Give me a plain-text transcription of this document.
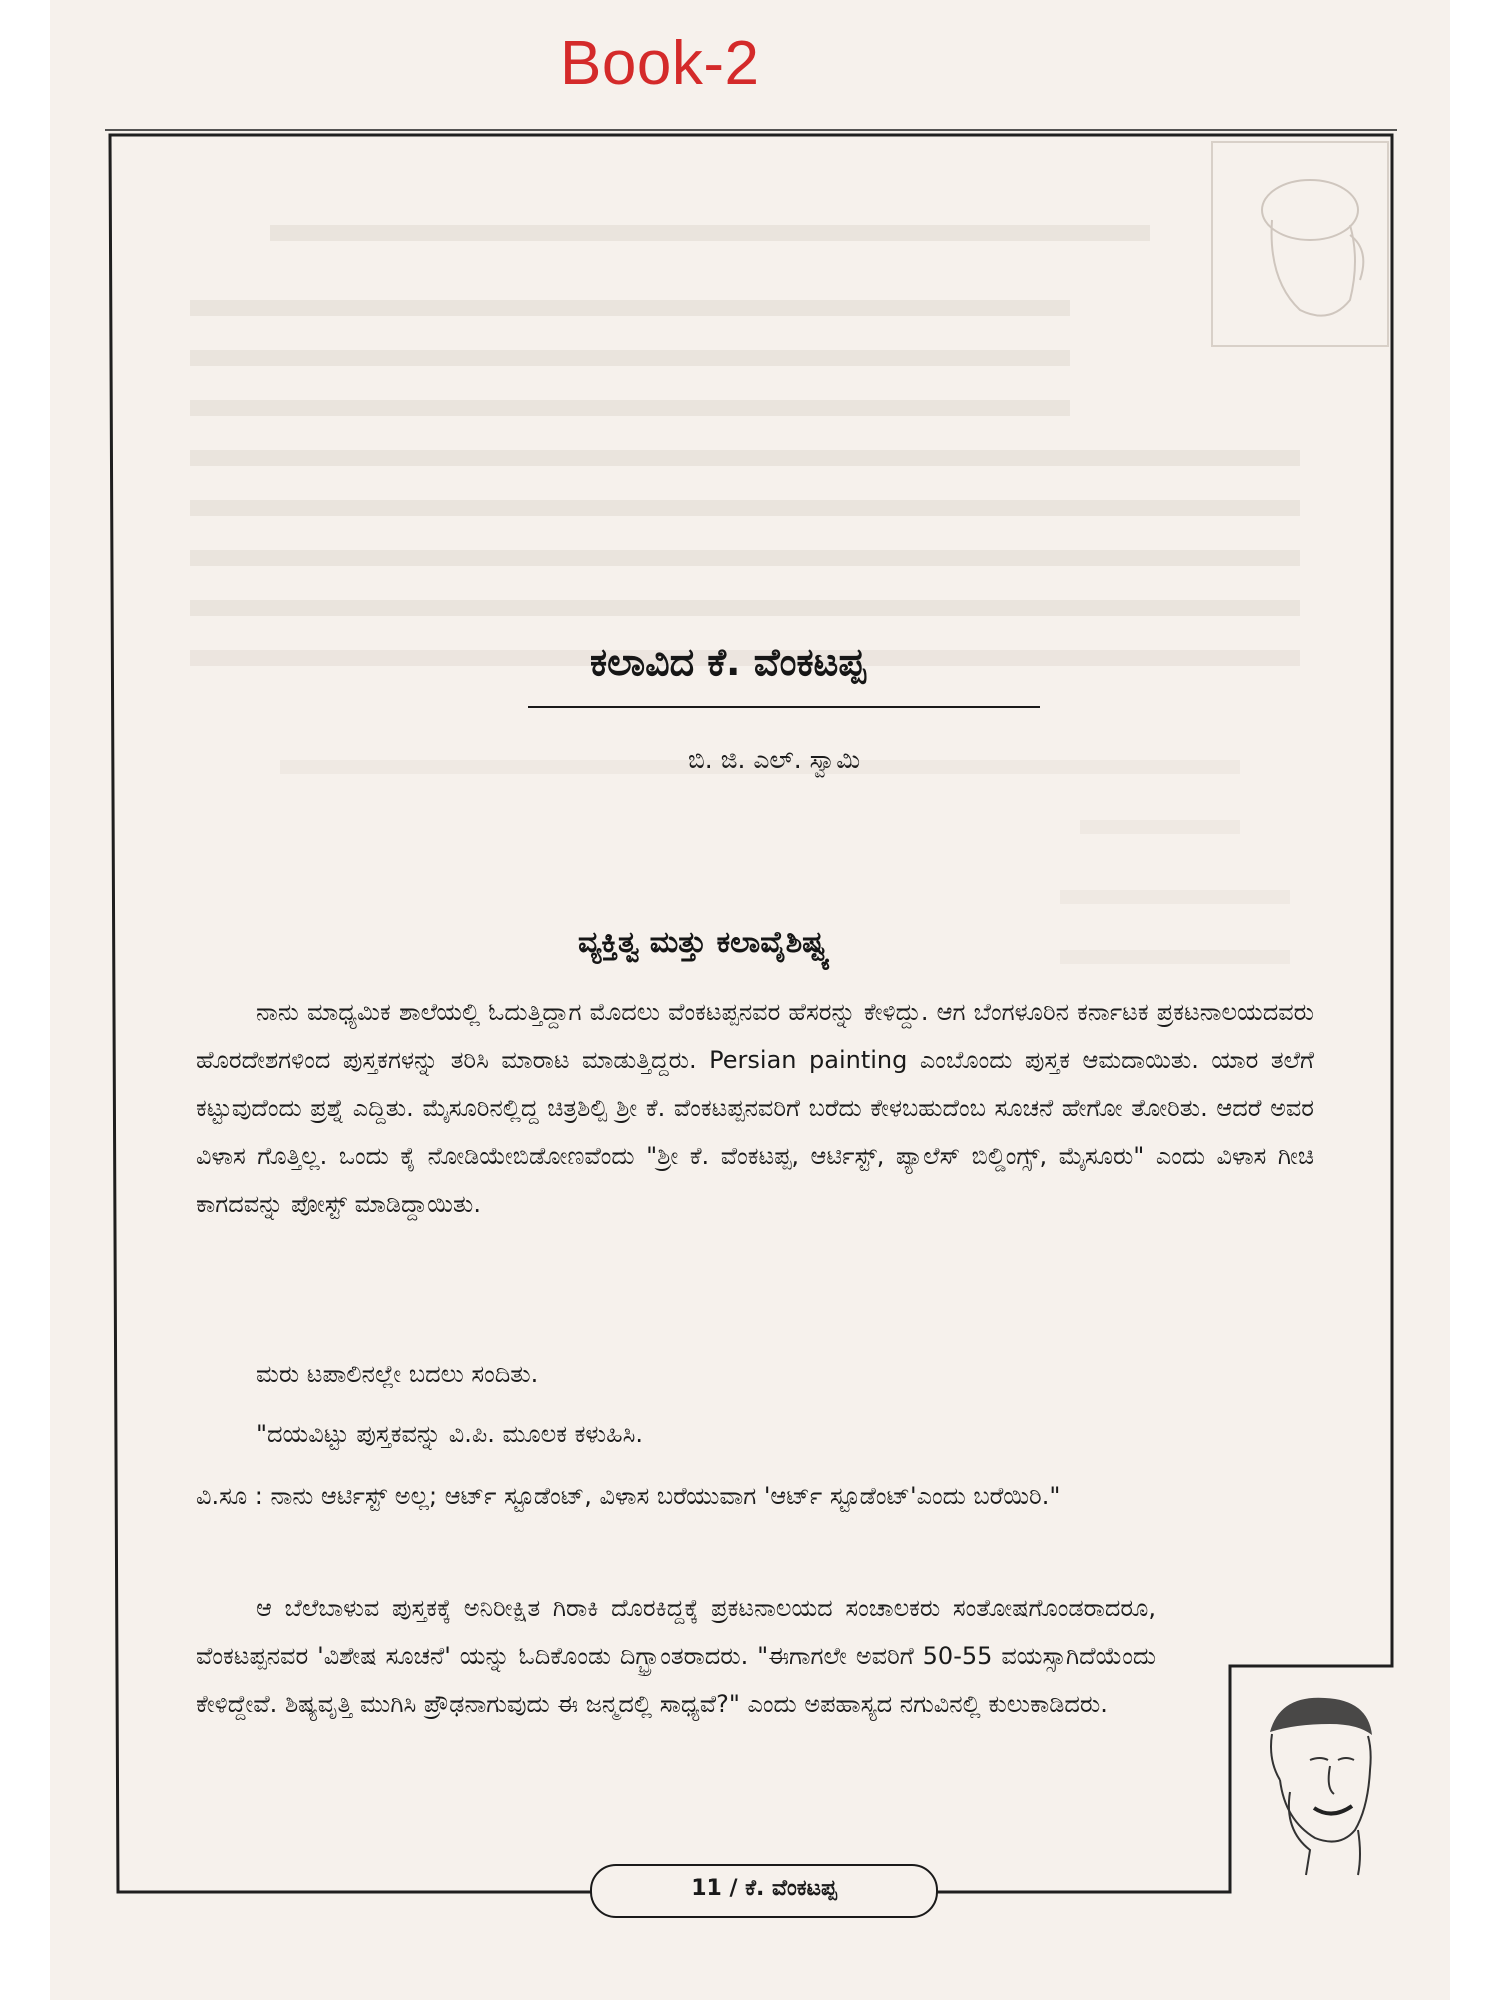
Book-2
ಕಲಾವಿದ ಕೆ. ವೆಂಕಟಪ್ಪ
ಬಿ. ಜಿ. ಎಲ್. ಸ್ವಾಮಿ
ವ್ಯಕ್ತಿತ್ವ ಮತ್ತು ಕಲಾವೈಶಿಷ್ಟ್ಯ
ನಾನು ಮಾಧ್ಯಮಿಕ ಶಾಲೆಯಲ್ಲಿ ಓದುತ್ತಿದ್ದಾಗ ಮೊದಲು ವೆಂಕಟಪ್ಪನವರ ಹೆಸರನ್ನು ಕೇಳಿದ್ದು. ಆಗ ಬೆಂಗಳೂರಿನ ಕರ್ನಾಟಕ ಪ್ರಕಟನಾಲಯದವರು ಹೊರದೇಶಗಳಿಂದ ಪುಸ್ತಕಗಳನ್ನು ತರಿಸಿ ಮಾರಾಟ ಮಾಡುತ್ತಿದ್ದರು. Persian painting ಎಂಬೊಂದು ಪುಸ್ತಕ ಆಮದಾಯಿತು. ಯಾರ ತಲೆಗೆ ಕಟ್ಟುವುದೆಂದು ಪ್ರಶ್ನೆ ಎದ್ದಿತು. ಮೈಸೂರಿನಲ್ಲಿದ್ದ ಚಿತ್ರಶಿಲ್ಪಿ ಶ್ರೀ ಕೆ. ವೆಂಕಟಪ್ಪನವರಿಗೆ ಬರೆದು ಕೇಳಬಹುದೆಂಬ ಸೂಚನೆ ಹೇಗೋ ತೋರಿತು. ಆದರೆ ಅವರ ವಿಳಾಸ ಗೊತ್ತಿಲ್ಲ. ಒಂದು ಕೈ ನೋಡಿಯೇಬಿಡೋಣವೆಂದು "ಶ್ರೀ ಕೆ. ವೆಂಕಟಪ್ಪ, ಆರ್ಟಿಸ್ಟ್, ಪ್ಯಾಲೆಸ್ ಬಿಲ್ಡಿಂಗ್ಸ್, ಮೈಸೂರು" ಎಂದು ವಿಳಾಸ ಗೀಚಿ ಕಾಗದವನ್ನು ಪೋಸ್ಟ್ ಮಾಡಿದ್ದಾಯಿತು.
ಮರು ಟಪಾಲಿನಲ್ಲೇ ಬದಲು ಸಂದಿತು.
"ದಯವಿಟ್ಟು ಪುಸ್ತಕವನ್ನು ವಿ.ಪಿ. ಮೂಲಕ ಕಳುಹಿಸಿ.
ವಿ.ಸೂ : ನಾನು ಆರ್ಟಿಸ್ಟ್ ಅಲ್ಲ; ಆರ್ಟ್ ಸ್ಟೂಡೆಂಟ್, ವಿಳಾಸ ಬರೆಯುವಾಗ 'ಆರ್ಟ್ ಸ್ಟೂಡೆಂಟ್'ಎಂದು ಬರೆಯಿರಿ."
ಆ ಬೆಲೆಬಾಳುವ ಪುಸ್ತಕಕ್ಕೆ ಅನಿರೀಕ್ಷಿತ ಗಿರಾಕಿ ದೊರಕಿದ್ದಕ್ಕೆ ಪ್ರಕಟನಾಲಯದ ಸಂಚಾಲಕರು ಸಂತೋಷಗೊಂಡರಾದರೂ, ವೆಂಕಟಪ್ಪನವರ 'ವಿಶೇಷ ಸೂಚನೆ' ಯನ್ನು ಓದಿಕೊಂಡು ದಿಗ್ಭ್ರಾಂತರಾದರು. "ಈಗಾಗಲೇ ಅವರಿಗೆ 50-55 ವಯಸ್ಸಾಗಿದೆಯೆಂದು ಕೇಳಿದ್ದೇವೆ. ಶಿಷ್ಯವೃತ್ತಿ ಮುಗಿಸಿ ಪ್ರೌಢನಾಗುವುದು ಈ ಜನ್ಮದಲ್ಲಿ ಸಾಧ್ಯವೆ?" ಎಂದು ಅಪಹಾಸ್ಯದ ನಗುವಿನಲ್ಲಿ ಕುಲುಕಾಡಿದರು.
11 / ಕೆ. ವೆಂಕಟಪ್ಪ
